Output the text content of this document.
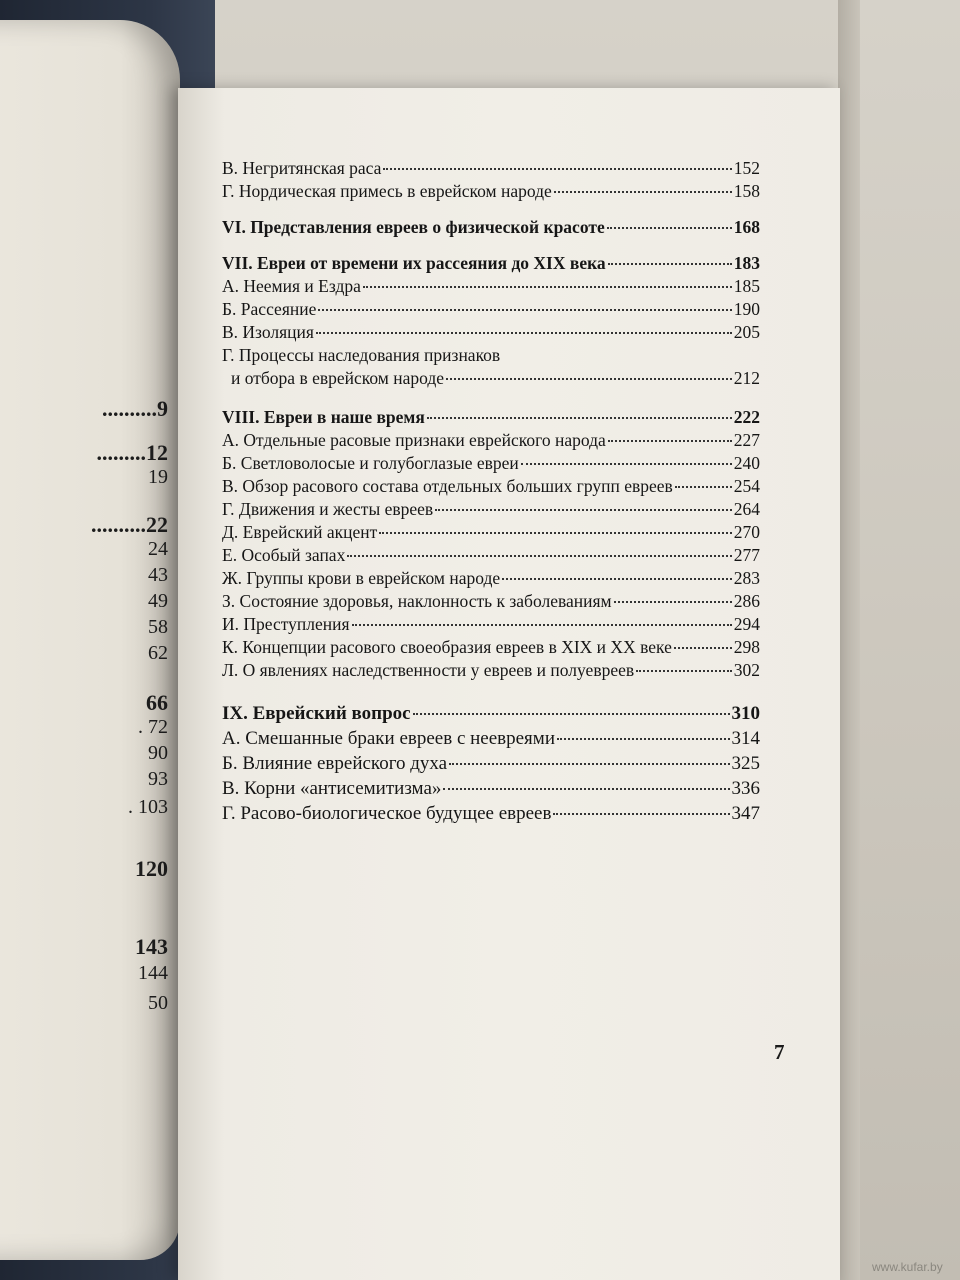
..........9
.........12
19
..........22
24
43
49
58
62
66
. 72
90
93
. 103
120
143
144
50
В. Негритянская раса	152
Г. Нордическая примесь в еврейском народе	158
VI. Представления евреев о физической красоте	168
VII. Евреи от времени их рассеяния до XIX века	183
А. Неемия и Ездра	185
Б. Рассеяние	190
В. Изоляция	205
Г. Процессы наследования признаков
и отбора в еврейском народе	212
VIII. Евреи в наше время	222
А. Отдельные расовые признаки еврейского народа	227
Б. Светловолосые и голубоглазые евреи	240
В. Обзор расового состава отдельных больших групп евреев	254
Г. Движения и жесты евреев	264
Д. Еврейский акцент	270
Е. Особый запах	277
Ж. Группы крови в еврейском народе	283
З. Состояние здоровья, наклонность к заболеваниям	286
И. Преступления	294
К. Концепции расового своеобразия евреев в XIX и XX веке	298
Л. О явлениях наследственности у евреев и полуевреев	302
IX. Еврейский вопрос	310
А. Смешанные браки евреев с неевреями	314
Б. Влияние еврейского духа	325
В. Корни «антисемитизма»	336
Г. Расово-биологическое будущее евреев	347
7
www.kufar.by
